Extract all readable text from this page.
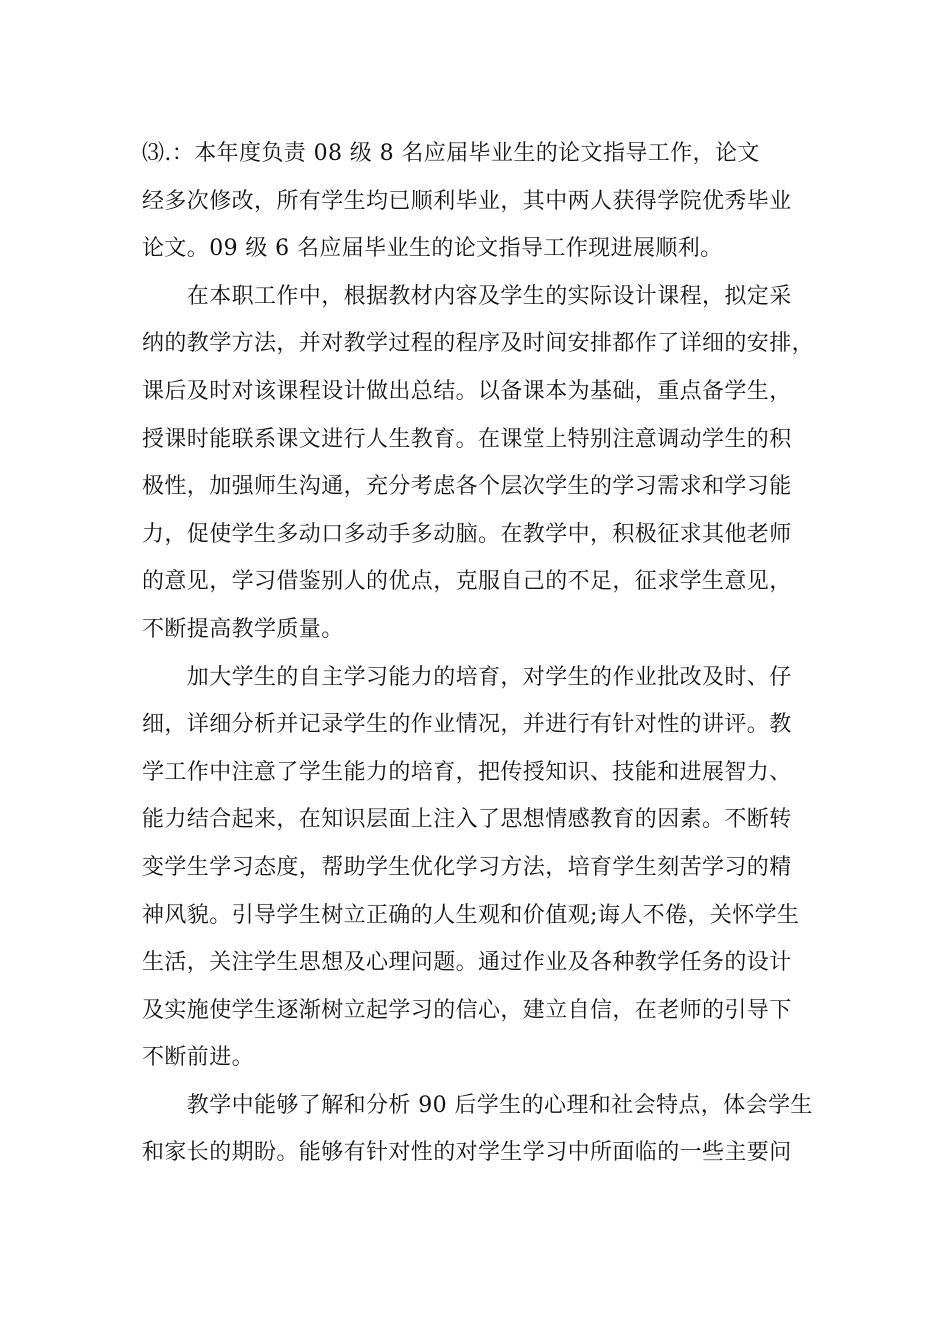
⑶.：本年度负责 08 级 8 名应届毕业生的论文指导工作，论文
经多次修改，所有学生均已顺利毕业，其中两人获得学院优秀毕业
论文。09 级 6 名应届毕业生的论文指导工作现进展顺利。
　　在本职工作中，根据教材内容及学生的实际设计课程，拟定采
纳的教学方法，并对教学过程的程序及时间安排都作了详细的安排，
课后及时对该课程设计做出总结。以备课本为基础，重点备学生，
授课时能联系课文进行人生教育。在课堂上特别注意调动学生的积
极性，加强师生沟通，充分考虑各个层次学生的学习需求和学习能
力，促使学生多动口多动手多动脑。在教学中，积极征求其他老师
的意见，学习借鉴别人的优点，克服自己的不足，征求学生意见，
不断提高教学质量。
　　加大学生的自主学习能力的培育，对学生的作业批改及时、仔
细，详细分析并记录学生的作业情况，并进行有针对性的讲评。教
学工作中注意了学生能力的培育，把传授知识、技能和进展智力、
能力结合起来，在知识层面上注入了思想情感教育的因素。不断转
变学生学习态度，帮助学生优化学习方法，培育学生刻苦学习的精
神风貌。引导学生树立正确的人生观和价值观;诲人不倦，关怀学生
生活，关注学生思想及心理问题。通过作业及各种教学任务的设计
及实施使学生逐渐树立起学习的信心，建立自信，在老师的引导下
不断前进。
　　教学中能够了解和分析 90 后学生的心理和社会特点，体会学生
和家长的期盼。能够有针对性的对学生学习中所面临的一些主要问
